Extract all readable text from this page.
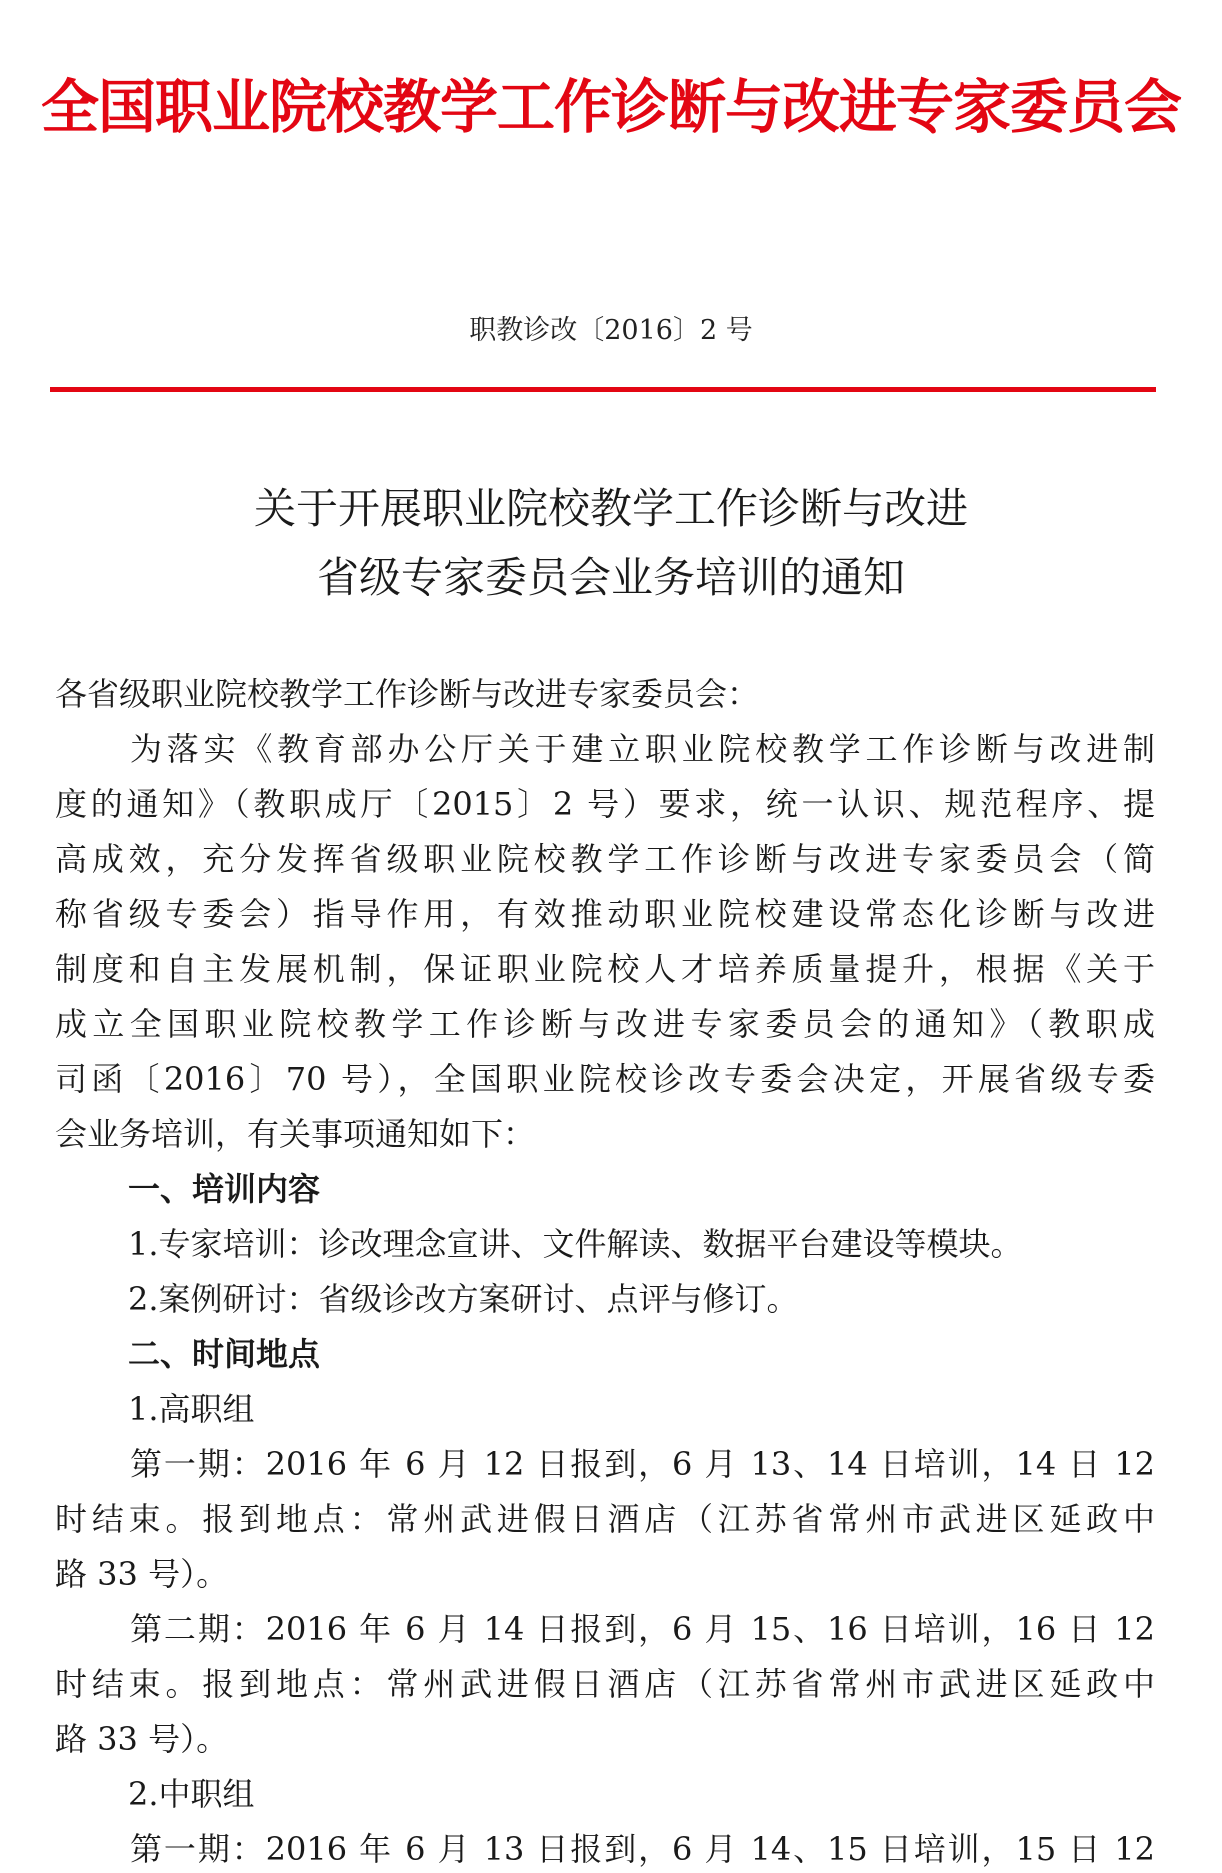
全国职业院校教学工作诊断与改进专家委员会
职教诊改〔2016〕2 号
关于开展职业院校教学工作诊断与改进
省级专家委员会业务培训的通知
各省级职业院校教学工作诊断与改进专家委员会：
为落实《教育部办公厅关于建立职业院校教学工作诊断与改进制
度的通知》（教职成厅〔2015〕2 号）要求，统一认识、规范程序、提
高成效，充分发挥省级职业院校教学工作诊断与改进专家委员会（简
称省级专委会）指导作用，有效推动职业院校建设常态化诊断与改进
制度和自主发展机制，保证职业院校人才培养质量提升，根据《关于
成立全国职业院校教学工作诊断与改进专家委员会的通知》（教职成
司函〔2016〕70 号），全国职业院校诊改专委会决定，开展省级专委
会业务培训，有关事项通知如下：
一、培训内容
1.专家培训：诊改理念宣讲、文件解读、数据平台建设等模块。
2.案例研讨：省级诊改方案研讨、点评与修订。
二、时间地点
1.高职组
第一期：2016 年 6 月 12 日报到，6 月 13、14 日培训，14 日 12
时结束。报到地点：常州武进假日酒店（江苏省常州市武进区延政中
路 33 号）。
第二期：2016 年 6 月 14 日报到，6 月 15、16 日培训，16 日 12
时结束。报到地点：常州武进假日酒店（江苏省常州市武进区延政中
路 33 号）。
2.中职组
第一期：2016 年 6 月 13 日报到，6 月 14、15 日培训，15 日 12
